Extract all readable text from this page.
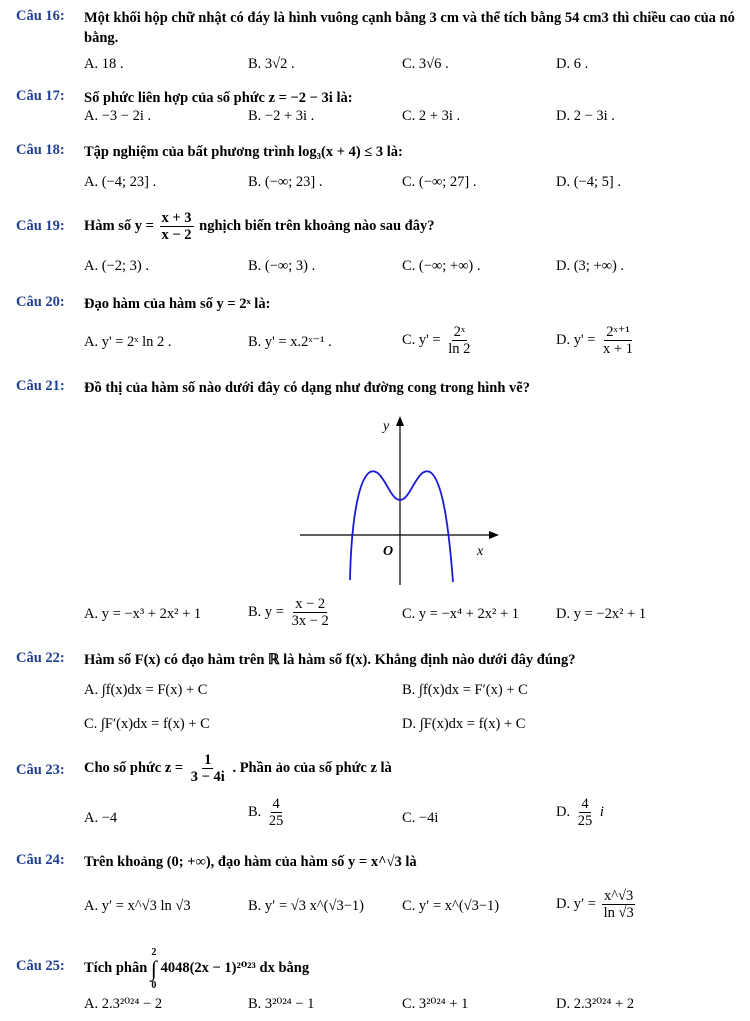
Câu 16: Một khối hộp chữ nhật có đáy là hình vuông cạnh bằng 3 cm và thể tích bằng 54 cm3 thì chiều cao của nó bằng.
A. 18 .	B. 3√2 .	C. 3√6 .	D. 6 .
Câu 17: Số phức liên hợp của số phức z = −2 − 3i là:
A. −3 − 2i .	B. −2 + 3i .	C. 2 + 3i .	D. 2 − 3i .
Câu 18: Tập nghiệm của bất phương trình log₃(x + 4) ≤ 3 là:
A. (−4; 23] .	B. (−∞; 23] .	C. (−∞; 27] .	D. (−4; 5] .
Câu 19: Hàm số $y = \frac{x + 3}{x - 2}$ nghịch biến trên khoảng nào sau đây?
A. (−2; 3) .	B. (−∞; 3) .	C. (−∞; +∞) .	D. (3; +∞) .
Câu 20: Đạo hàm của hàm số y = 2ˣ là:
A. y' = 2ˣ ln 2 .	B. y' = x.2ˣ⁻¹ .	C. $y' = \frac{\text{2ˣ}}{\ln 2}$	D. $y' = \frac{\text{2ˣ⁺¹}}{x + 1}$
Câu 21: Đồ thị của hàm số nào dưới đây có dạng như đường cong trong hình vẽ?
y
O	x
A. y = −x³ + 2x² + 1	B. $y = \frac{x - 2}{3x - 2}$	C. y = −x⁴ + 2x² + 1	D. y = −2x² + 1
Câu 22: Hàm số F(x) có đạo hàm trên ℝ là hàm số f(x). Khẳng định nào dưới đây đúng?
A. ∫f(x)dx = F(x) + C	B. ∫f(x)dx = F′(x) + C
C. ∫F′(x)dx = f(x) + C	D. ∫F(x)dx = f(x) + C
Câu 23: Cho số phức $z = \frac{1}{3 - 4i}$ . Phần ảo của số phức z là
A. −4	B. $\frac{4}{25}$	C. −4i	D. $\frac{4}{25}$ i
Câu 24: Trên khoảng (0; +∞), đạo hàm của hàm số y = x^√3 là
A. y′ = x^√3 ln √3	B. y′ = √3 x^(√3−1)	C. y′ = x^(√3−1)	D. $y' = \frac{x\^{}√3}{\ln √3}$
Câu 25: Tích phân
2
∫
0
4048(2x − 1)²⁰²³ dx bằng
A. 2.3²⁰²⁴ − 2	B. 3²⁰²⁴ − 1	C. 3²⁰²⁴ + 1	D. 2.3²⁰²⁴ + 2
